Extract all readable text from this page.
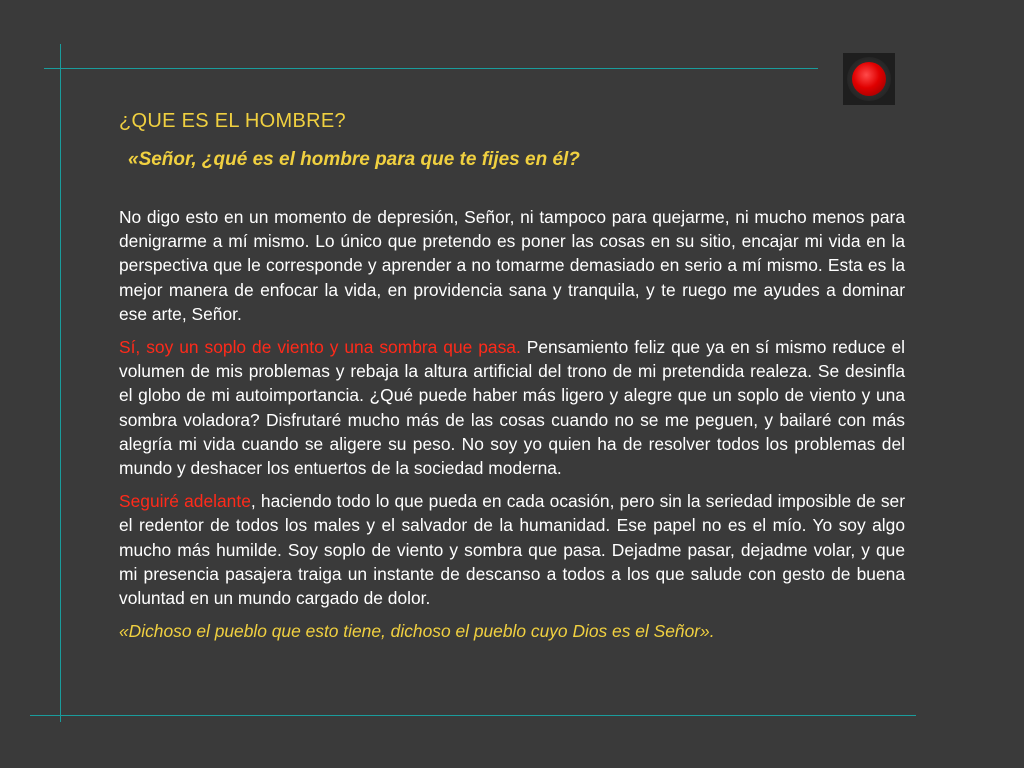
¿QUE ES EL HOMBRE?
«Señor, ¿qué es el hombre para que te fijes en él?

No digo esto en un momento de depresión, Señor, ni tampoco para quejarme, ni mucho menos para denigrarme a mí mismo. Lo único que pretendo es poner las cosas en su sitio, encajar mi vida en la perspectiva que le corresponde y aprender a no tomarme demasiado en serio a mí mismo. Esta es la mejor manera de enfocar la vida, en providencia sana y tranquila, y te ruego me ayudes a dominar ese arte, Señor.

Sí, soy un soplo de viento y una sombra que pasa. Pensamiento feliz que ya en sí mismo reduce el volumen de mis problemas y rebaja la altura artificial del trono de mi pretendida realeza. Se desinfla el globo de mi autoimportancia. ¿Qué puede haber más ligero y alegre que un soplo de viento y una sombra voladora? Disfrutaré mucho más de las cosas cuando no se me peguen, y bailaré con más alegría mi vida cuando se aligere su peso. No soy yo quien ha de resolver todos los problemas del mundo y deshacer los entuertos de la sociedad moderna.

Seguiré adelante, haciendo todo lo que pueda en cada ocasión, pero sin la seriedad imposible de ser el redentor de todos los males y el salvador de la humanidad. Ese papel no es el mío. Yo soy algo mucho más humilde. Soy soplo de viento y sombra que pasa. Dejadme pasar, dejadme volar, y que mi presencia pasajera traiga un instante de descanso a todos a los que salude con gesto de buena voluntad en un mundo cargado de dolor.

«Dichoso el pueblo que esto tiene, dichoso el pueblo cuyo Dios es el Señor».
